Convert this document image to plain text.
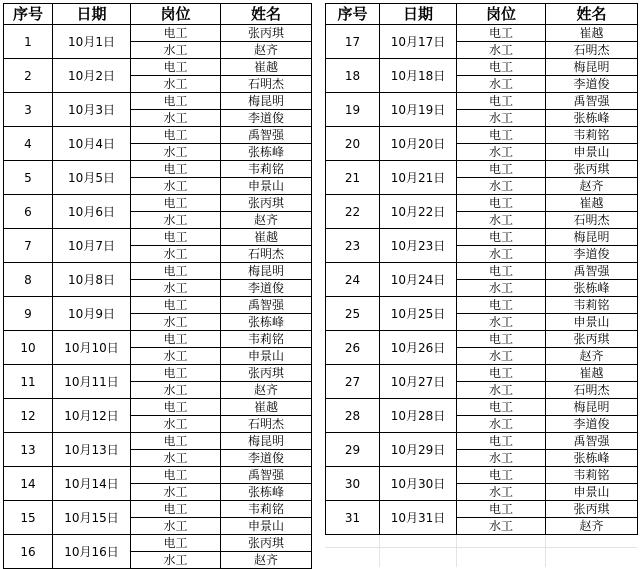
序号	日期	岗位	姓名
1	10月1日	电工	张丙琪
		水工	赵齐
2	10月2日	电工	崔越
		水工	石明杰
3	10月3日	电工	梅昆明
		水工	李道俊
4	10月4日	电工	禹智强
		水工	张栋峰
5	10月5日	电工	韦莉铭
		水工	申景山
6	10月6日	电工	张丙琪
		水工	赵齐
7	10月7日	电工	崔越
		水工	石明杰
8	10月8日	电工	梅昆明
		水工	李道俊
9	10月9日	电工	禹智强
		水工	张栋峰
10	10月10日	电工	韦莉铭
		水工	申景山
11	10月11日	电工	张丙琪
		水工	赵齐
12	10月12日	电工	崔越
		水工	石明杰
13	10月13日	电工	梅昆明
		水工	李道俊
14	10月14日	电工	禹智强
		水工	张栋峰
15	10月15日	电工	韦莉铭
		水工	申景山
16	10月16日	电工	张丙琪
		水工	赵齐
序号	日期	岗位	姓名
17	10月17日	电工	崔越
		水工	石明杰
18	10月18日	电工	梅昆明
		水工	李道俊
19	10月19日	电工	禹智强
		水工	张栋峰
20	10月20日	电工	韦莉铭
		水工	申景山
21	10月21日	电工	张丙琪
		水工	赵齐
22	10月22日	电工	崔越
		水工	石明杰
23	10月23日	电工	梅昆明
		水工	李道俊
24	10月24日	电工	禹智强
		水工	张栋峰
25	10月25日	电工	韦莉铭
		水工	申景山
26	10月26日	电工	张丙琪
		水工	赵齐
27	10月27日	电工	崔越
		水工	石明杰
28	10月28日	电工	梅昆明
		水工	李道俊
29	10月29日	电工	禹智强
		水工	张栋峰
30	10月30日	电工	韦莉铭
		水工	申景山
31	10月31日	电工	张丙琪
		水工	赵齐
